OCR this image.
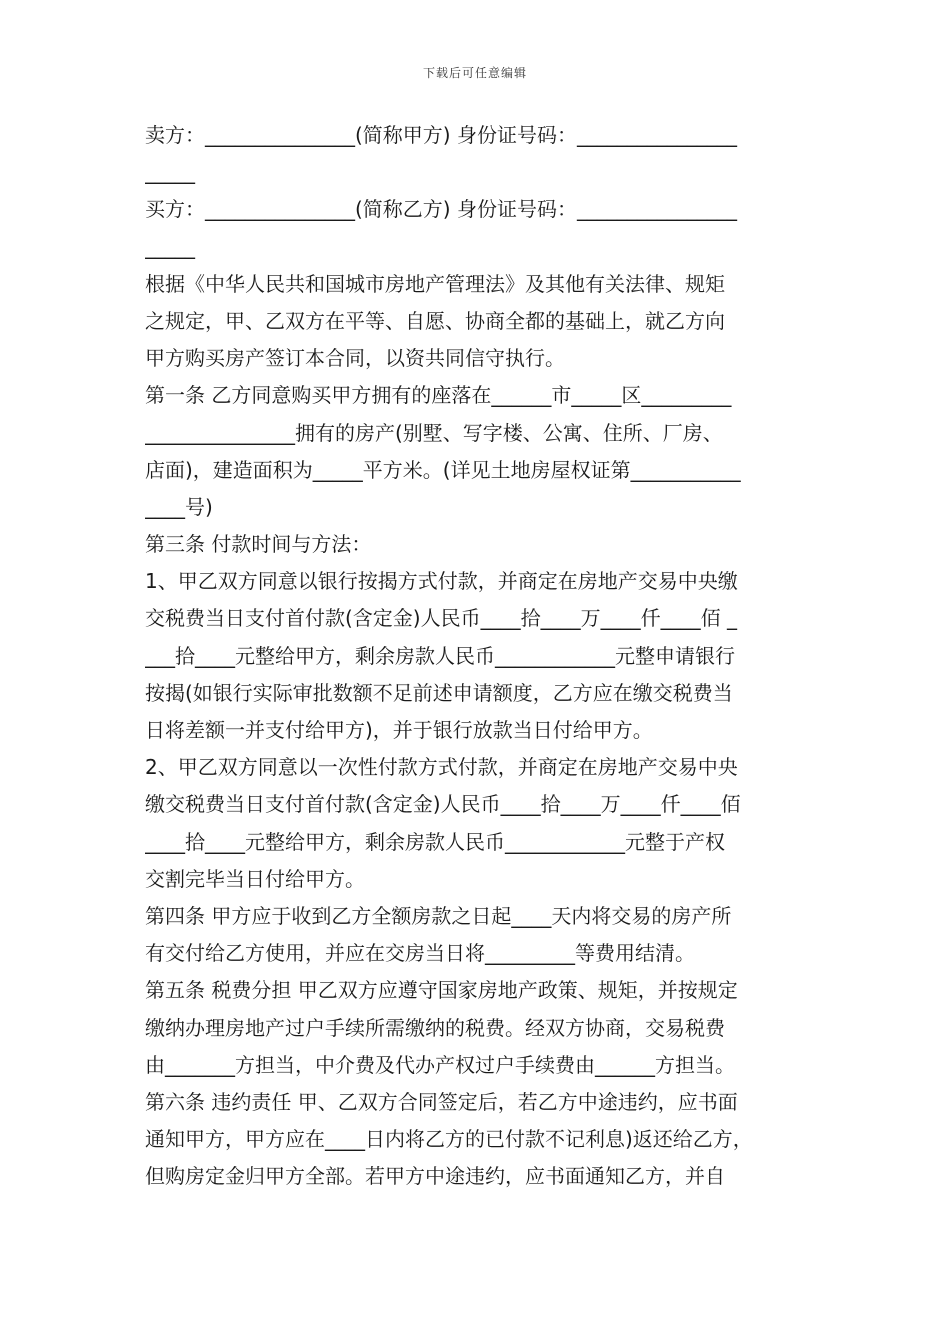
下载后可任意编辑
卖方：_______________(简称甲方) 身份证号码：________________
_____
买方：_______________(简称乙方) 身份证号码：________________
_____
根据《中华人民共和国城市房地产管理法》及其他有关法律、规矩
之规定，甲、乙双方在平等、自愿、协商全都的基础上，就乙方向
甲方购买房产签订本合同，以资共同信守执行。
第一条 乙方同意购买甲方拥有的座落在______市_____区_________
_______________拥有的房产(别墅、写字楼、公寓、住所、厂房、
店面)，建造面积为_____平方米。(详见土地房屋权证第___________
____号)
第三条 付款时间与方法：
1、甲乙双方同意以银行按揭方式付款，并商定在房地产交易中央缴
交税费当日支付首付款(含定金)人民币____拾____万____仟____佰 _
___拾____元整给甲方，剩余房款人民币____________元整申请银行
按揭(如银行实际审批数额不足前述申请额度，乙方应在缴交税费当
日将差额一并支付给甲方)，并于银行放款当日付给甲方。
2、甲乙双方同意以一次性付款方式付款，并商定在房地产交易中央
缴交税费当日支付首付款(含定金)人民币____拾____万____仟____佰
____拾____元整给甲方，剩余房款人民币____________元整于产权
交割完毕当日付给甲方。
第四条 甲方应于收到乙方全额房款之日起____天内将交易的房产所
有交付给乙方使用，并应在交房当日将_________等费用结清。
第五条 税费分担 甲乙双方应遵守国家房地产政策、规矩，并按规定
缴纳办理房地产过户手续所需缴纳的税费。经双方协商，交易税费
由_______方担当，中介费及代办产权过户手续费由______方担当。
第六条 违约责任 甲、乙双方合同签定后，若乙方中途违约，应书面
通知甲方，甲方应在____日内将乙方的已付款不记利息)返还给乙方，
但购房定金归甲方全部。若甲方中途违约，应书面通知乙方，并自
